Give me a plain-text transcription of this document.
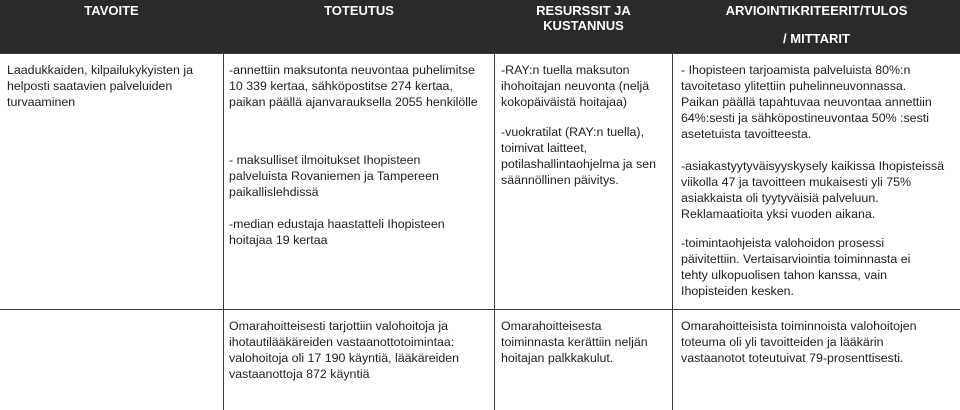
TAVOITE	TOTEUTUS	RESURSSIT JA KUSTANNUS
ARVIOINTIKRITEERIT/TULOS
/ MITTARIT
Laadukkaiden, kilpailukykyisten ja
helposti saatavien palveluiden
turvaaminen
-annettiin maksutonta neuvontaa puhelimitse
10 339 kertaa, sähköpostitse 274 kertaa,
paikan päällä ajanvarauksella 2055 henkilölle
- maksulliset ilmoitukset Ihopisteen
palveluista Rovaniemen ja Tampereen
paikallislehdissä
-median edustaja haastatteli Ihopisteen
hoitajaa 19 kertaa
-RAY:n tuella maksuton
ihohoitajan neuvonta (neljä
kokopäiväistä hoitajaa)
-vuokratilat (RAY:n tuella),
toimivat laitteet,
potilashallintaohjelma ja sen
säännöllinen päivitys.
- Ihopisteen tarjoamista palveluista 80%:n
tavoitetaso ylitettiin puhelinneuvonnassa.
Paikan päällä tapahtuvaa neuvontaa annettiin
64%:sesti ja sähköpostineuvontaa 50% :sesti
asetetuista tavoitteesta.
-asiakastyytyväisyyskysely kaikissa Ihopisteissä
viikolla 47 ja tavoitteen mukaisesti yli 75%
asiakkaista oli tyytyväisiä palveluun.
Reklamaatioita yksi vuoden aikana.
-toimintaohjeista valohoidon prosessi
päivitettiin. Vertaisarviointia toiminnasta ei
tehty ulkopuolisen tahon kanssa, vain
Ihopisteiden kesken.
Omarahoitteisesti tarjottiin valohoitoja ja
ihotautilääkäreiden vastaanottotoimintaa:
valohoitoja oli 17 190 käyntiä, lääkäreiden
vastaanottoja 872 käyntiä
Omarahoitteisesta
toiminnasta kerättiin neljän
hoitajan palkkakulut.
Omarahoitteisista toiminnoista valohoitojen
toteuma oli yli tavoitteiden ja lääkärin
vastaanotot toteutuivat 79-prosenttisesti.
